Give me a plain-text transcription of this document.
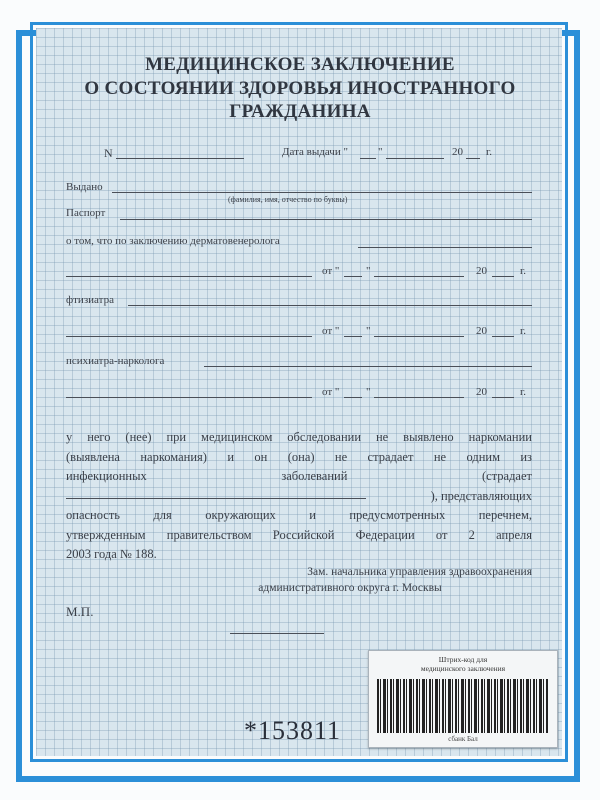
МЕДИЦИНСКОЕ ЗАКЛЮЧЕНИЕ
О СОСТОЯНИИ ЗДОРОВЬЯ ИНОСТРАННОГО
ГРАЖДАНИНА
N	Дата выдачи "	"	20 г.
Выдано
(фамилия, имя, отчество по буквы)
Паспорт
о том, что по заключению дерматовенеролога
от " "	20	г.
фтизиатра
от " "	20	г.
психиатра-нарколога
от " "	20	г.
у него (нее) при медицинском обследовании не выявлено наркомании
(выявлена наркомания) и он (она) не страдает не одним из
инфекционных заболеваний (страдает
), представляющих
опасность для окружающих и предусмотренных перечнем,
утвержденным правительством Российской Федерации от 2 апреля
2003 года № 188.
Зам. начальника управления здравоохранения
административного округа г. Москвы
М.П.
*153811
Штрих-код для
медицинского заключения
сбанк Бал
